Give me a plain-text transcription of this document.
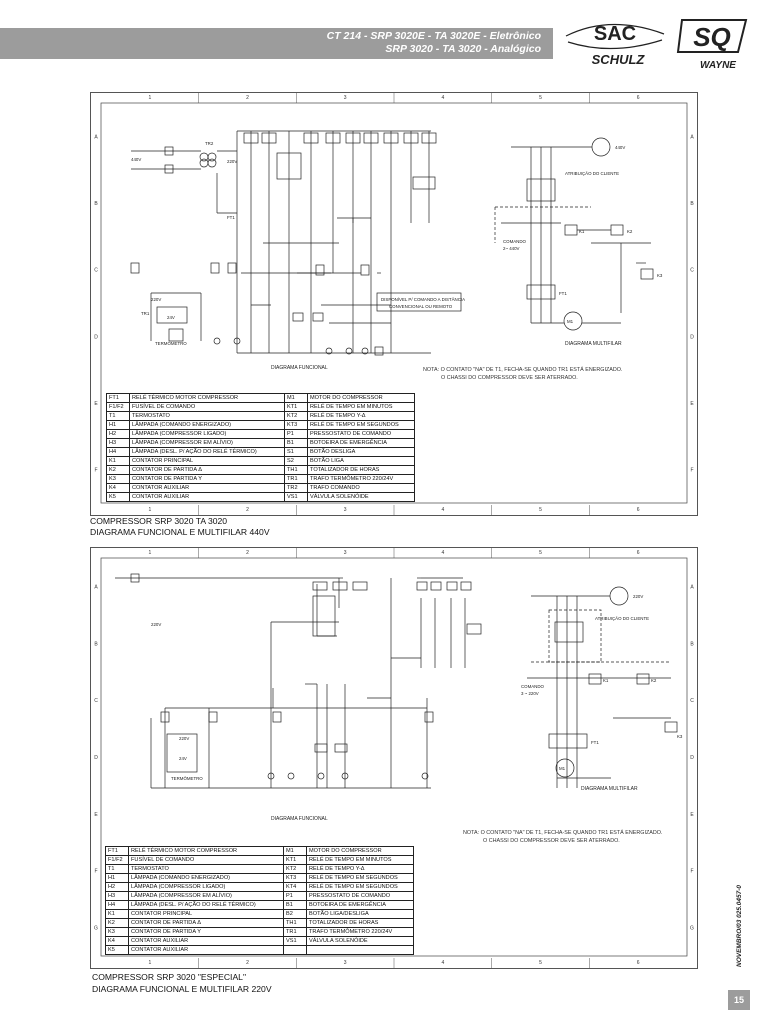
CT 214 - SRP 3020E - TA 3020E - Eletrônico
SRP 3020 - TA 3020 - Analógico
SAC
SCHULZ
SQ
WAYNE
1
1
2
2
3
3
4
4
5
5
6
6
A	A
B	B
C	C
D	D
E	E
F	F
440V	220V
TR2
220V
TR1
24V
TERMÔMETRO
FT1
DISPONÍVEL P/ COMANDO A DISTÂNCIA
CONVENCIONAL OU REMOTO
DIAGRAMA FUNCIONAL
440V
ATRIBUIÇÃO DO CLIENTE
COMANDO
2~ 440V
K1	K2
K3
FT1
M1
DIAGRAMA MULTIFILAR
NOTA: O CONTATO "NA" DE T1, FECHA-SE QUANDO TR1 ESTÁ ENERGIZADO.
O CHASSI DO COMPRESSOR DEVE SER ATERRADO.
FT1	RELÉ TÉRMICO MOTOR COMPRESSOR	M1	MOTOR DO COMPRESSOR
F1/F2	FUSÍVEL DE COMANDO	KT1	RELÉ DE TEMPO EM MINUTOS
T1	TERMOSTATO	KT2	RELÉ DE TEMPO Y-Δ
H1	LÂMPADA (COMANDO ENERGIZADO)	KT3	RELÉ DE TEMPO EM SEGUNDOS
H2	LÂMPADA (COMPRESSOR LIGADO)	P1	PRESSOSTATO DE COMANDO
H3	LÂMPADA (COMPRESSOR EM ALÍVIO)	B1	BOTOEIRA DE EMERGÊNCIA
H4	LÂMPADA (DESL. P/ AÇÃO DO RELÉ TÉRMICO)	S1	BOTÃO DESLIGA
K1	CONTATOR PRINCIPAL	S2	BOTÃO LIGA
K2	CONTATOR DE PARTIDA Δ	TH1	TOTALIZADOR DE HORAS
K3	CONTATOR DE PARTIDA Y	TR1	TRAFO TERMÔMETRO 220/24V
K4	CONTATOR AUXILIAR	TR2	TRAFO COMANDO
K5	CONTATOR AUXILIAR	VS1	VÁLVULA SOLENÓIDE
COMPRESSOR SRP 3020 TA 3020
DIAGRAMA FUNCIONAL E MULTIFILAR 440V
1
1
2
2
3
3
4
4
5
5
6
6
A	A
B	B
C	C
D	D
E	E
F	F
G	G
220V
24V
TERMÔMETRO
220V
DIAGRAMA FUNCIONAL
220V
ATRIBUIÇÃO DO CLIENTE
COMANDO
3 ~ 220V
K1	K2
K3
FT1
M1
DIAGRAMA MULTIFILAR
NOTA: O CONTATO "NA" DE T1, FECHA-SE QUANDO TR1 ESTÁ ENERGIZADO.
O CHASSI DO COMPRESSOR DEVE SER ATERRADO.
FT1	RELÉ TÉRMICO MOTOR COMPRESSOR	M1	MOTOR DO COMPRESSOR
F1/F2	FUSÍVEL DE COMANDO	KT1	RELÉ DE TEMPO EM MINUTOS
T1	TERMOSTATO	KT2	RELÉ DE TEMPO Y-Δ
H1	LÂMPADA (COMANDO ENERGIZADO)	KT3	RELÉ DE TEMPO EM SEGUNDOS
H2	LÂMPADA (COMPRESSOR LIGADO)	KT4	RELÉ DE TEMPO EM SEGUNDOS
H3	LÂMPADA (COMPRESSOR EM ALÍVIO)	P1	PRESSOSTATO DE COMANDO
H4	LÂMPADA (DESL. P/ AÇÃO DO RELÉ TÉRMICO)	B1	BOTOEIRA DE EMERGÊNCIA
K1	CONTATOR PRINCIPAL	B2	BOTÃO LIGA/DESLIGA
K2	CONTATOR DE PARTIDA Δ	TH1	TOTALIZADOR DE HORAS
K3	CONTATOR DE PARTIDA Y	TR1	TRAFO TERMÔMETRO 220/24V
K4	CONTATOR AUXILIAR	VS1	VÁLVULA SOLENÓIDE
K5	CONTATOR AUXILIAR		
COMPRESSOR SRP 3020 "ESPECIAL"
DIAGRAMA FUNCIONAL E MULTIFILAR 220V
NOVEMBRO/03 025.0457-0
15
